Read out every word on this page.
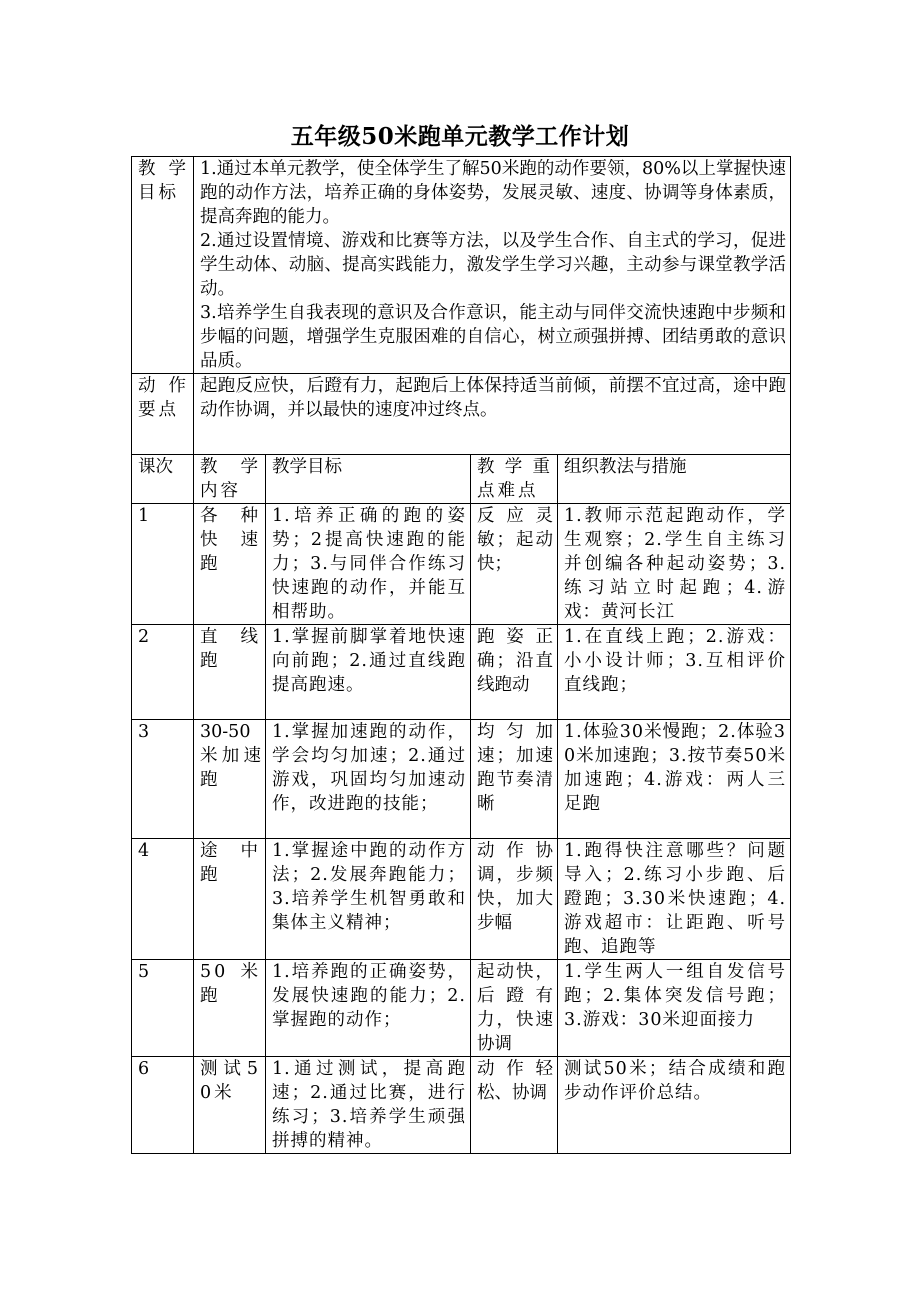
五年级50米跑单元教学工作计划
教学目标	1.通过本单元教学，使全体学生了解50米跑的动作要领，80%以上掌握快速跑的动作方法，培养正确的身体姿势，发展灵敏、速度、协调等身体素质，提高奔跑的能力。
2.通过设置情境、游戏和比赛等方法，以及学生合作、自主式的学习，促进学生动体、动脑、提高实践能力，激发学生学习兴趣，主动参与课堂教学活动。
3.培养学生自我表现的意识及合作意识，能主动与同伴交流快速跑中步频和步幅的问题，增强学生克服困难的自信心，树立顽强拼搏、团结勇敢的意识品质。			

动作要点	起跑反应快，后蹬有力，起跑后上体保持适当前倾，前摆不宜过高，途中跑动作协调，并以最快的速度冲过终点。			
课次	教学内容	教学目标	教学重点难点	组织教法与措施
1	各种快速跑	1.培养正确的跑的姿势；2提高快速跑的能力；3.与同伴合作练习快速跑的动作，并能互相帮助。	反应灵敏；起动快；	1.教师示范起跑动作，学生观察；2.学生自主练习并创编各种起动姿势；3.练习站立时起跑；4.游戏：黄河长江
2	直线跑	1.掌握前脚掌着地快速向前跑；2.通过直线跑提高跑速。	跑姿正确；沿直线跑动	1.在直线上跑；2.游戏：小小设计师；3.互相评价直线跑；
3	30-50米加速跑	1.掌握加速跑的动作，学会均匀加速；2.通过游戏，巩固均匀加速动作，改进跑的技能；	均匀加速；加速跑节奏清晰	1.体验30米慢跑；2.体验30米加速跑；3.按节奏50米加速跑；4.游戏：两人三足跑
4	途中跑	1.掌握途中跑的动作方法；2.发展奔跑能力；3.培养学生机智勇敢和集体主义精神；	动作协调，步频快，加大步幅	1.跑得快注意哪些？问题导入；2.练习小步跑、后蹬跑；3.30米快速跑；4.游戏超市：让距跑、听号跑、追跑等
5	50米跑	1.培养跑的正确姿势，发展快速跑的能力；2.掌握跑的动作；	起动快，后蹬有力，快速协调	1.学生两人一组自发信号跑；2.集体突发信号跑；3.游戏：30米迎面接力
6	测试50米	1.通过测试，提高跑速；2.通过比赛，进行练习；3.培养学生顽强拼搏的精神。	动作轻松、协调	测试50米；结合成绩和跑步动作评价总结。
